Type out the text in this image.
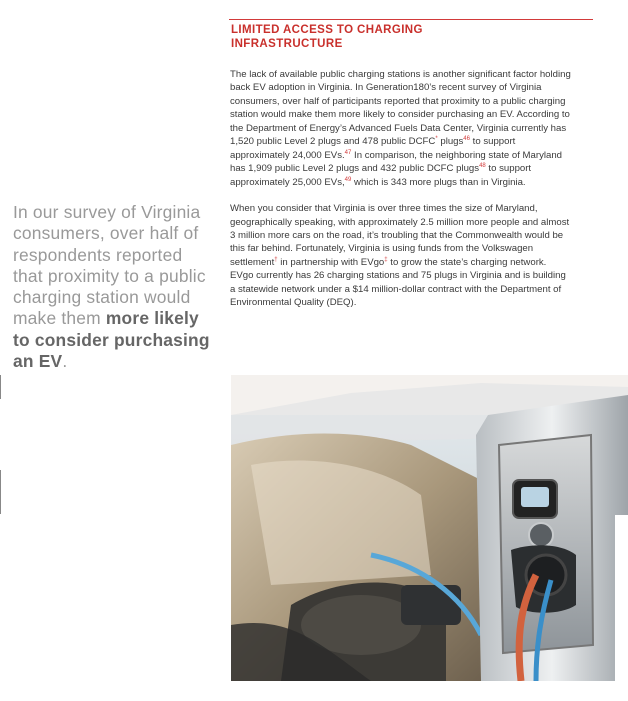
LIMITED ACCESS TO CHARGING
INFRASTRUCTURE

The lack of available public charging stations is another significant factor holding back EV adoption in Virginia. In Generation180’s recent survey of Virginia consumers, over half of participants reported that proximity to a public charging station would make them more likely to consider purchasing an EV. According to the Department of Energy’s Advanced Fuels Data Center, Virginia currently has 1,520 public Level 2 plugs and 478 public DCFC* plugs$^{46}$ to support approximately 24,000 EVs.$^{47}$ In comparison, the neighboring state of Maryland has 1,909 public Level 2 plugs and 432 public DCFC plugs$^{48}$ to support approximately 25,000 EVs,$^{49}$ which is 343 more plugs than in Virginia.

When you consider that Virginia is over three times the size of Maryland, geographically speaking, with approximately 2.5 million more people and almost 3 million more cars on the road, it’s troubling that the Commonwealth would be this far behind. Fortunately, Virginia is using funds from the Volkswagen settlement† in partnership with EVgo‡ to grow the state’s charging network. EVgo currently has 26 charging stations and 75 plugs in Virginia and is building a statewide network under a $14 million-dollar contract with the Department of Environmental Quality (DEQ).

In our survey of Virginia consumers, over half of respondents reported that proximity to a public charging station would make them more likely to consider purchasing an EV.
